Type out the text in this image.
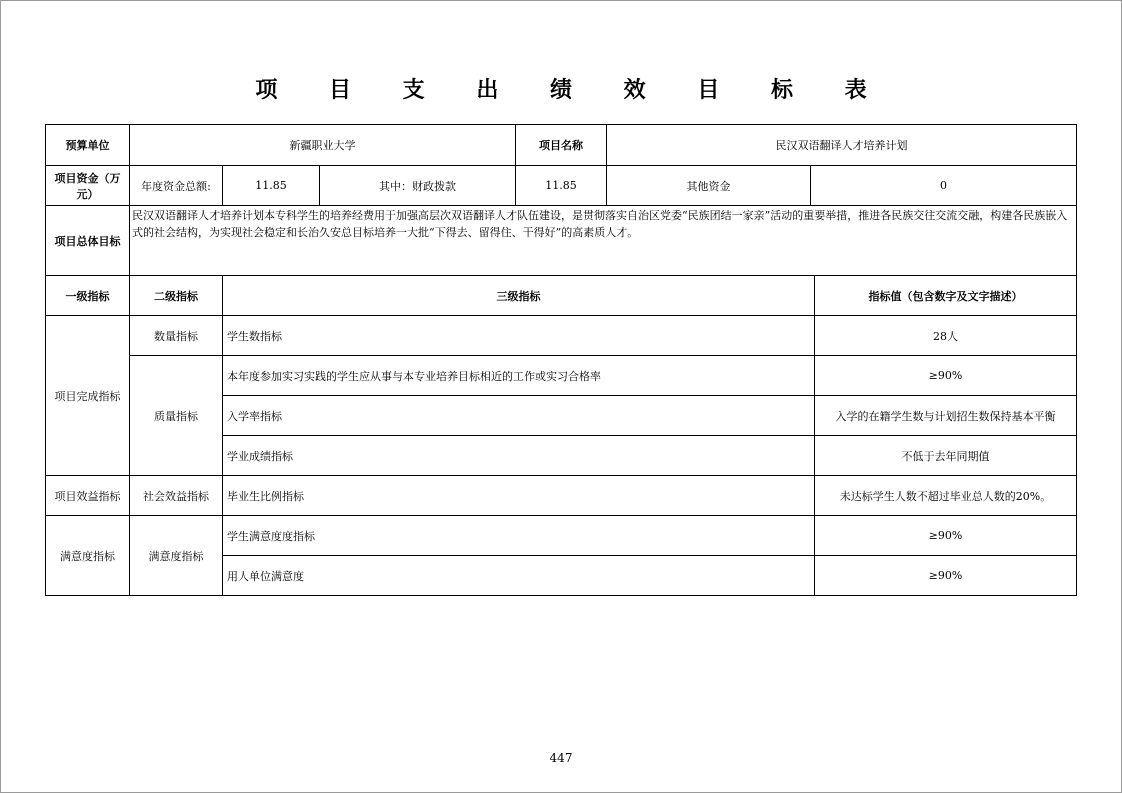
项 目 支 出 绩 效 目 标 表
预算单位	新疆职业大学			项目名称	民汉双语翻译人才培养计划	
项目资金（万元）	年度资金总额:	11.85	其中：财政拨款	11.85	其他资金	0
项目总体目标	民汉双语翻译人才培养计划本专科学生的培养经费用于加强高层次双语翻译人才队伍建设，是贯彻落实自治区党委“民族团结一家亲”活动的重要举措，推进各民族交往交流交融，构建各民族嵌入式的社会结构，为实现社会稳定和长治久安总目标培养一大批“下得去、留得住、干得好”的高素质人才。					
一级指标	二级指标	三级指标	指标值（包含数字及文字描述）
项目完成指标	数量指标	学生数指标	28人
	质量指标	本年度参加实习实践的学生应从事与本专业培养目标相近的工作或实习合格率	≥90%
		入学率指标	入学的在籍学生数与计划招生数保持基本平衡
		学业成绩指标	不低于去年同期值
项目效益指标	社会效益指标	毕业生比例指标	未达标学生人数不超过毕业总人数的20%。
满意度指标	满意度指标	学生满意度度指标	≥90%
		用人单位满意度	≥90%
447
